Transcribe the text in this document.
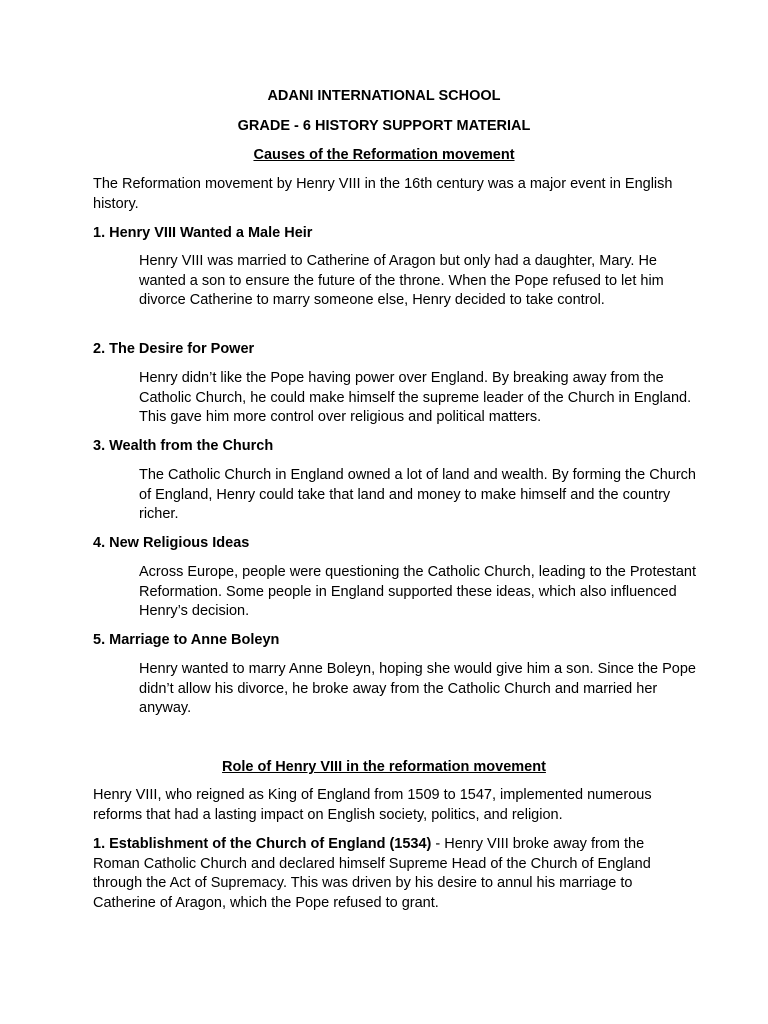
ADANI INTERNATIONAL SCHOOL
GRADE - 6 HISTORY SUPPORT MATERIAL
Causes of the Reformation movement
The Reformation movement by Henry VIII in the 16th century was a major event in English history.
1. Henry VIII Wanted a Male Heir
Henry VIII was married to Catherine of Aragon but only had a daughter, Mary. He wanted a son to ensure the future of the throne. When the Pope refused to let him divorce Catherine to marry someone else, Henry decided to take control.
2. The Desire for Power
Henry didn’t like the Pope having power over England. By breaking away from the Catholic Church, he could make himself the supreme leader of the Church in England. This gave him more control over religious and political matters.
3. Wealth from the Church
The Catholic Church in England owned a lot of land and wealth. By forming the Church of England, Henry could take that land and money to make himself and the country richer.
4. New Religious Ideas
Across Europe, people were questioning the Catholic Church, leading to the Protestant Reformation. Some people in England supported these ideas, which also influenced Henry’s decision.
5. Marriage to Anne Boleyn
Henry wanted to marry Anne Boleyn, hoping she would give him a son. Since the Pope didn’t allow his divorce, he broke away from the Catholic Church and married her anyway.
Role of Henry VIII in the reformation movement
Henry VIII, who reigned as King of England from 1509 to 1547, implemented numerous reforms that had a lasting impact on English society, politics, and religion.
1. Establishment of the Church of England (1534) - Henry VIII broke away from the Roman Catholic Church and declared himself Supreme Head of the Church of England through the Act of Supremacy. This was driven by his desire to annul his marriage to Catherine of Aragon, which the Pope refused to grant.
